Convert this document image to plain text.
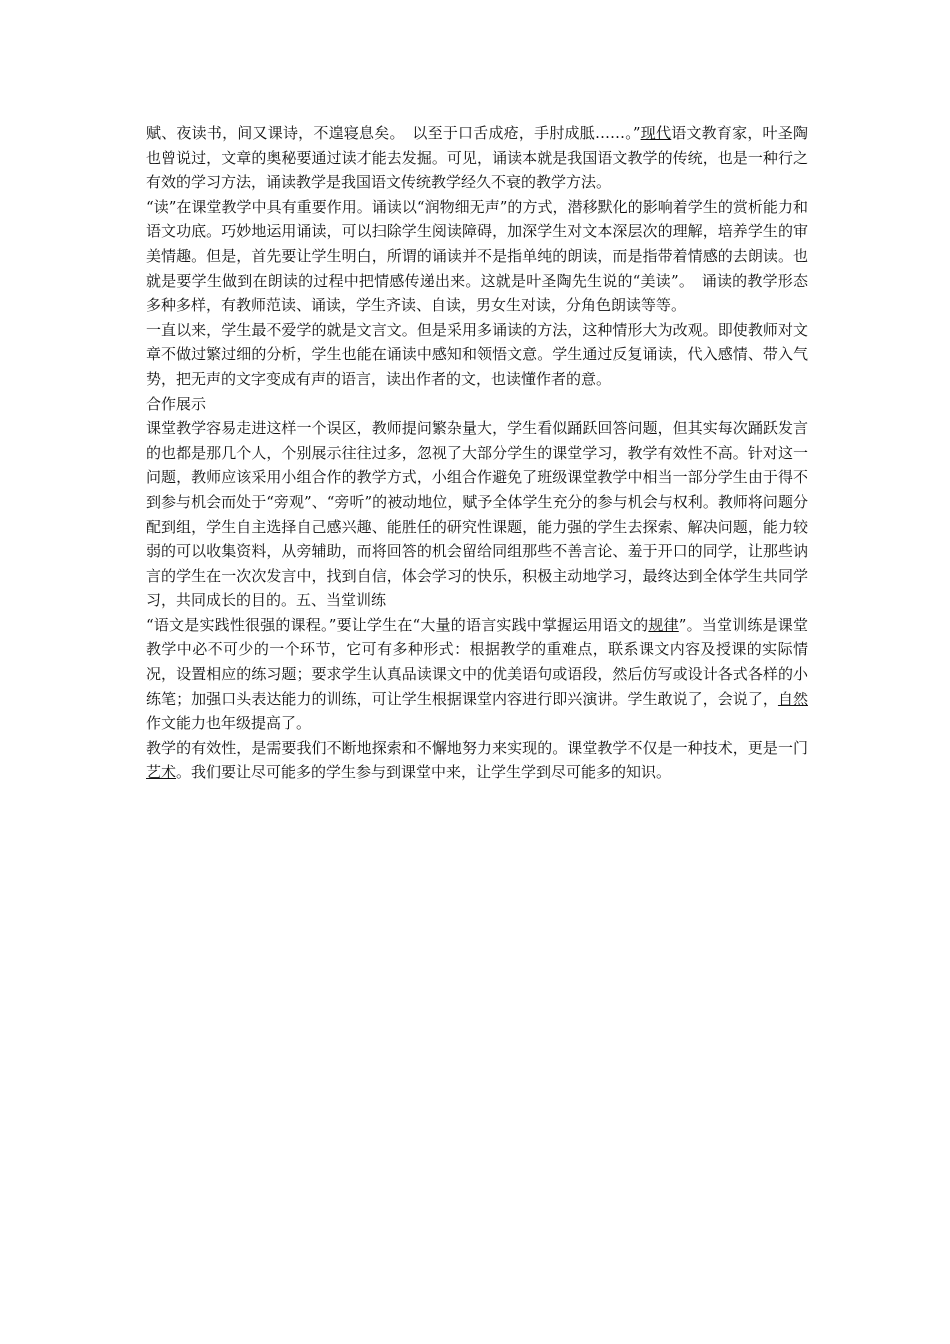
赋、夜读书，间又课诗，不遑寝息矣。　以至于口舌成疮，手肘成胝……。”现代语文教育家，叶圣陶也曾说过，文章的奥秘要通过读才能去发掘。可见，诵读本就是我国语文教学的传统，也是一种行之有效的学习方法，诵读教学是我国语文传统教学经久不衰的教学方法。

“读”在课堂教学中具有重要作用。诵读以“润物细无声”的方式，潜移默化的影响着学生的赏析能力和语文功底。巧妙地运用诵读，可以扫除学生阅读障碍，加深学生对文本深层次的理解，培养学生的审美情趣。但是，首先要让学生明白，所谓的诵读并不是指单纯的朗读，而是指带着情感的去朗读。也就是要学生做到在朗读的过程中把情感传递出来。这就是叶圣陶先生说的“美读”。　诵读的教学形态多种多样，有教师范读、诵读，学生齐读、自读，男女生对读，分角色朗读等等。

一直以来，学生最不爱学的就是文言文。但是采用多诵读的方法，这种情形大为改观。即使教师对文章不做过繁过细的分析，学生也能在诵读中感知和领悟文意。学生通过反复诵读，代入感情、带入气势，把无声的文字变成有声的语言，读出作者的文，也读懂作者的意。

合作展示

课堂教学容易走进这样一个误区，教师提问繁杂量大，学生看似踊跃回答问题，但其实每次踊跃发言的也都是那几个人，个别展示往往过多，忽视了大部分学生的课堂学习，教学有效性不高。针对这一问题，教师应该采用小组合作的教学方式，小组合作避免了班级课堂教学中相当一部分学生由于得不到参与机会而处于“旁观”、“旁听”的被动地位，赋予全体学生充分的参与机会与权利。教师将问题分配到组，学生自主选择自己感兴趣、能胜任的研究性课题，能力强的学生去探索、解决问题，能力较弱的可以收集资料，从旁辅助，而将回答的机会留给同组那些不善言论、羞于开口的同学，让那些讷言的学生在一次次发言中，找到自信，体会学习的快乐，积极主动地学习，最终达到全体学生共同学习，共同成长的目的。五、当堂训练

“语文是实践性很强的课程。”要让学生在“大量的语言实践中掌握运用语文的规律”。当堂训练是课堂教学中必不可少的一个环节，它可有多种形式：根据教学的重难点，联系课文内容及授课的实际情况，设置相应的练习题；要求学生认真品读课文中的优美语句或语段，然后仿写或设计各式各样的小练笔；加强口头表达能力的训练，可让学生根据课堂内容进行即兴演讲。学生敢说了，会说了，自然作文能力也年级提高了。

教学的有效性，是需要我们不断地探索和不懈地努力来实现的。课堂教学不仅是一种技术，更是一门艺术。我们要让尽可能多的学生参与到课堂中来，让学生学到尽可能多的知识。
